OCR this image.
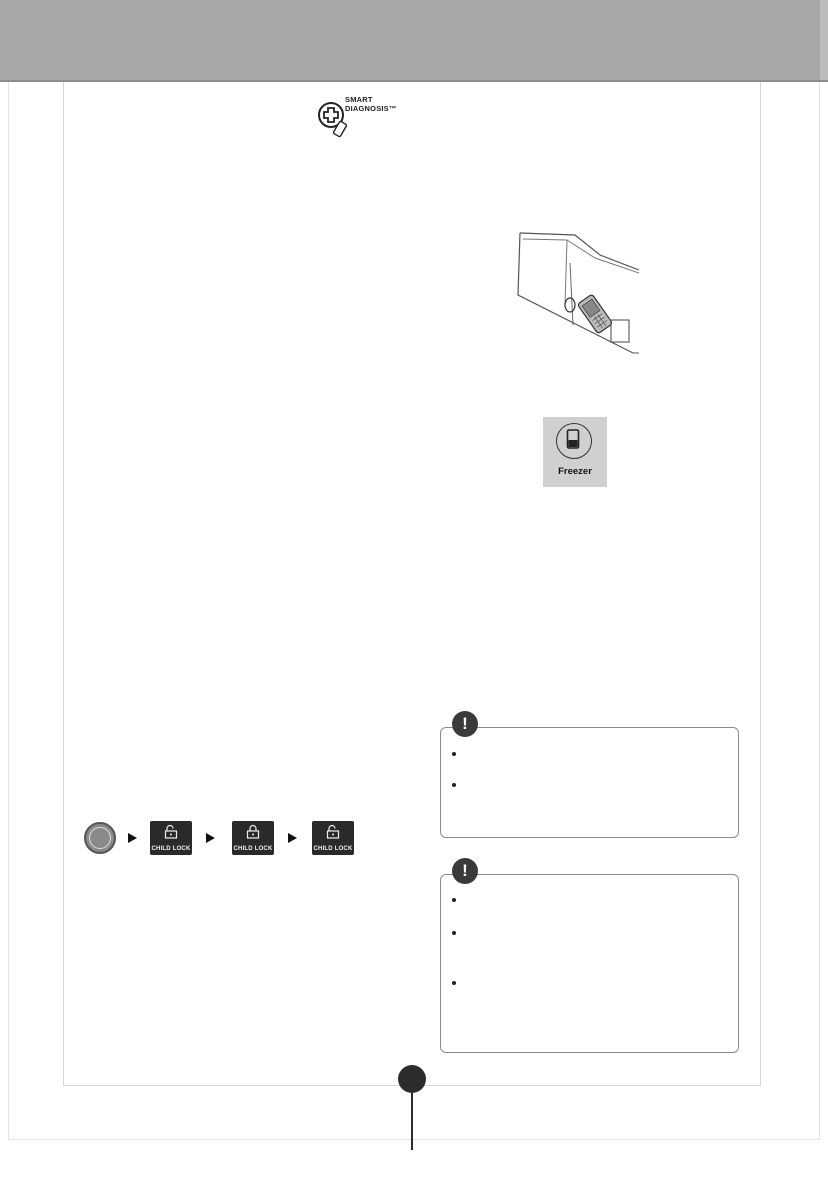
SMART
DIAGNOSIS™
Freezer
CHILD LOCK	CHILD LOCK	CHILD LOCK
!
!
